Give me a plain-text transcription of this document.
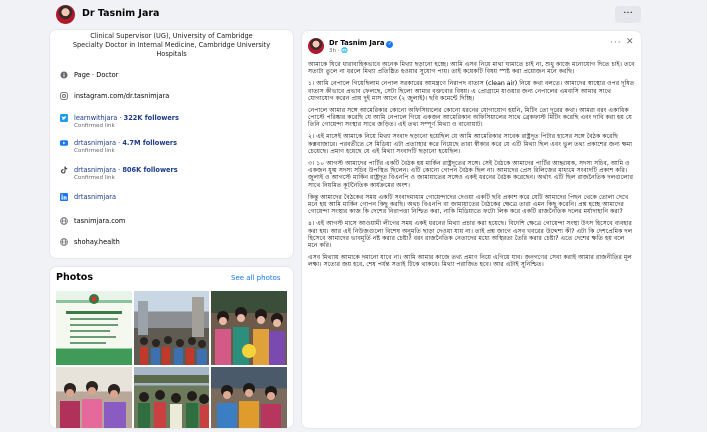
Dr Tasnim Jara	···
Clinical Supervisor (UG), University of Cambridge
Specialty Doctor in Internal Medicine, Cambridge University
Hospitals
Page · Doctor
instagram.com/dr.tasnimjara
learnwithjara · 322K followers
Confirmed link
drtasnimjara · 4.7M followers
Confirmed link
drtasnimjara · 806K followers
Confirmed link
drtasnimjara
tasnimjara.com
shohay.health
Photos	See all photos
Dr Tasnim Jara ✓
3h · 🌐
··· ✕

আমাকে ঘিরে ধারাবাহিকভাবে অনেক মিথ্যা ছড়ানো হচ্ছে। আমি এসব নিয়ে মাথা ঘামাতে চাই না, শুধু কাজে মনোযোগ দিতে চাই। তবে সত্যটা তুলে না ধরলে মিথ্যা প্রতিষ্ঠিত হওয়ার সুযোগ পায়। তাই কয়েকটি বিষয় স্পষ্ট করা প্রয়োজন মনে করছি।

১। আমি নেপালে গিয়েছিলাম নেপাল সরকারের আমন্ত্রণে নিরাপদ বাতাস (clean air) নিয়ে কথা বলতে। আমাদের স্বাস্থ্যের ওপর দূষিত বাতাস কীভাবে প্রভাব ফেলছে, সেটা ছিলো আমার বক্তব্যের বিষয়। এ প্রোগ্রামে যাওয়ার জন্য নেপালের এমবাসি আমার সাথে যোগাযোগ করেন প্রায় দুই মাস আগে (২ জুলাই)। ছবি কমেন্টে দিচ্ছি।

নেপালে আমার সঙ্গে আমেরিকার কোনো অফিসিয়ালের কোনো ধরনের যোগাযোগ হয়নি, মিটিং তো দূরের কথা। আমরা বরং একাধিক পোস্টে পরিষ্কার করেছি যে আমি নেপালে গিয়ে একজন আমেরিকান অফিসিয়ালের সাথে ব্রেকফাস্ট মিটিং করেছি এবং দাবি করা হয় যে তিনি গোয়েন্দা সংস্থার সাথে জড়িত। এই তথ্য সম্পূর্ণ মিথ্যা ও বানোয়াট।

২। এই মাসেই আমাকে নিয়ে মিথ্যা সংবাদ ছড়ানো হয়েছিল যে আমি আমেরিকার সাবেক রাষ্ট্রদূত পিটার হাসের সঙ্গে বৈঠক করেছি কক্সবাজারে। পরবর্তীতে সে মিডিয়া এটা প্রত্যাহার করে নিয়েছে তারা স্বীকার করে যে এটি মিথ্যা ছিল এবং ভুল তথ্য প্রকাশের জন্য ক্ষমা চেয়েছে। প্রমাণ হয়েছে যে এই মিথ্যা সংবাদটি ছড়ানো হয়েছিল।

৩। ১০ আগস্ট আমাদের পার্টির একটি বৈঠক হয় মার্কিন রাষ্ট্রদূতের সঙ্গে। সেই বৈঠকে আমাদের পার্টির আহ্বায়ক, সদস্য সচিব, আমি ও একজন যুগ্ম সদস্য সচিব উপস্থিত ছিলেন। এটি কোনো গোপন বৈঠক ছিল না। আমাদের প্রেস রিলিজের মাধ্যমে সংবাদটি প্রকাশ করি। জুলাই ও আগস্টে মার্কিন রাষ্ট্রদূত বিএনপি ও জামায়াতের সঙ্গেও একই ধরনের বৈঠক করেছেন। অর্থাৎ এটি ছিল রাজনৈতিক দলগুলোর সাথে নিয়মিত কূটনৈতিক কার্যক্রমের অংশ।

কিন্তু আমাদের বৈঠকের সময় একটি সংবাদমাধ্যম গোয়েন্দাদের দেওয়া একটি ছবি প্রকাশ করে যেটি আমাদের পিছন থেকে তোলা দেখে মনে হয় আমি মার্কিন গোপন কিছু করছি। অথচ বিএনপি বা জামায়াতের বৈঠকের ক্ষেত্রে তারা এমন কিছু করেনি। প্রশ্ন হচ্ছে আমাদের গোয়েন্দা সংস্থার কাজ কি দেশের নিরাপত্তা নিশ্চিত করা, নাকি মিডিয়াতে ফটো লিক করে একটি রাজনৈতিক দলের মর্যাদাহানি করা?

৪। এই আগস্ট মাসে আওয়ামী লীগের সময় একই ধরনের মিথ্যা প্রচার করা হয়েছে। বিদেশি ক্ষেত্রে গোয়েন্দা সংস্থা উৎস হিসেবে ব্যবহার করা হয়। আর এই নিউজগুলো বিশেষ অনুমতি ছাড়া দেওয়া যায় না। তাই প্রশ্ন জাগে এসব খবরের উদ্দেশ্য কী? এটা কি দেশপ্রেমিক দল হিসেবে আমাদের ভাবমূর্তি নষ্ট করার চেষ্টা? বরং রাজনৈতিক নেতাদের মধ্যে অস্থিরতা তৈরি করার চেষ্টা? এতে দেশের ক্ষতি হয় বলে মনে করি।

এসব মিথ্যায় আমাকে দমানো যাবে না। আমি আমার কাজে তথ্য প্রমাণ নিয়ে এগিয়ে যাব। জনগণের সেবা করাই আমার রাজনীতির মূল লক্ষ্য। সত্যের জয় হবে, শেষ পর্যন্ত সত্যই টিকে থাকবে। মিথ্যা পরাজিত হবে। আর এটাই সুনিশ্চিত।
